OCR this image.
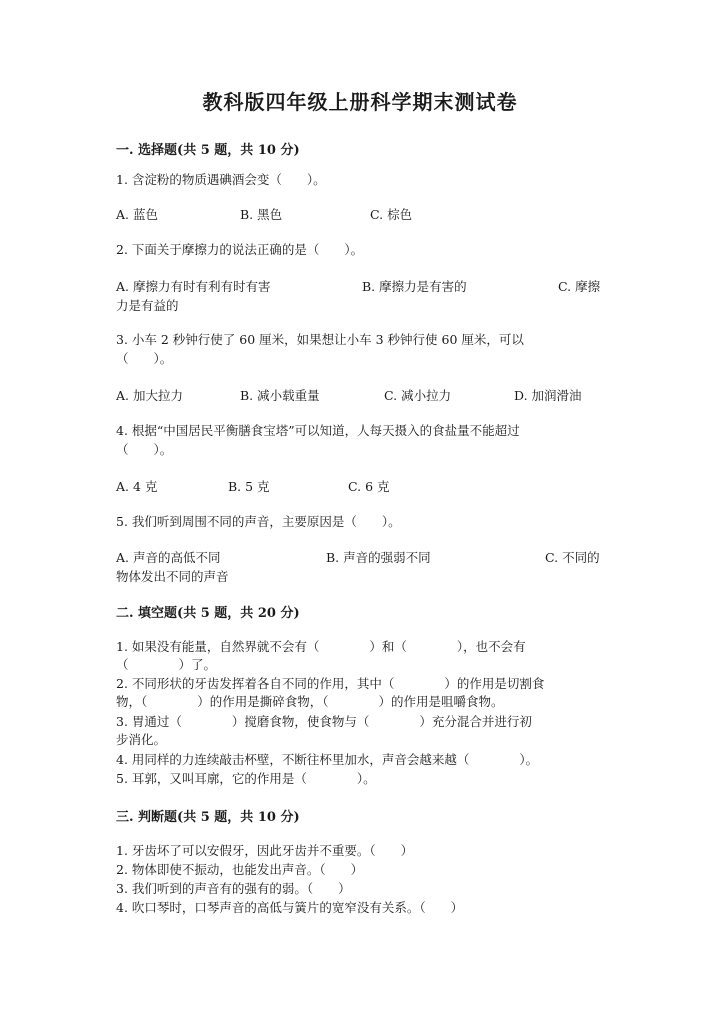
教科版四年级上册科学期末测试卷
一. 选择题(共 5 题，共 10 分)
1. 含淀粉的物质遇碘酒会变（　　）。
A. 蓝色	B. 黑色	C. 棕色
2. 下面关于摩擦力的说法正确的是（　　）。
A. 摩擦力有时有利有时有害	B. 摩擦力是有害的	C. 摩擦
力是有益的
3. 小车 2 秒钟行使了 60 厘米，如果想让小车 3 秒钟行使 60 厘米，可以
（　　）。
A. 加大拉力	B. 减小载重量	C. 减小拉力	D. 加润滑油
4. 根据“中国居民平衡膳食宝塔”可以知道，人每天摄入的食盐量不能超过
（　　）。
A. 4 克	B. 5 克	C. 6 克
5. 我们听到周围不同的声音，主要原因是（　　）。
A. 声音的高低不同	B. 声音的强弱不同	C. 不同的
物体发出不同的声音
二. 填空题(共 5 题，共 20 分)
1. 如果没有能量，自然界就不会有（　　　　）和（　　　　），也不会有
（　　　　）了。
2. 不同形状的牙齿发挥着各自不同的作用，其中（　　　　）的作用是切割食
物，（　　　　）的作用是撕碎食物，（　　　　）的作用是咀嚼食物。
3. 胃通过（　　　　）搅磨食物，使食物与（　　　　）充分混合并进行初
步消化。
4. 用同样的力连续敲击杯壁，不断往杯里加水，声音会越来越（　　　　）。
5. 耳郭，又叫耳廓，它的作用是（　　　　）。
三. 判断题(共 5 题，共 10 分)
1. 牙齿坏了可以安假牙，因此牙齿并不重要。（　　）
2. 物体即使不振动，也能发出声音。（　　）
3. 我们听到的声音有的强有的弱。（　　）
4. 吹口琴时，口琴声音的高低与簧片的宽窄没有关系。（　　）
